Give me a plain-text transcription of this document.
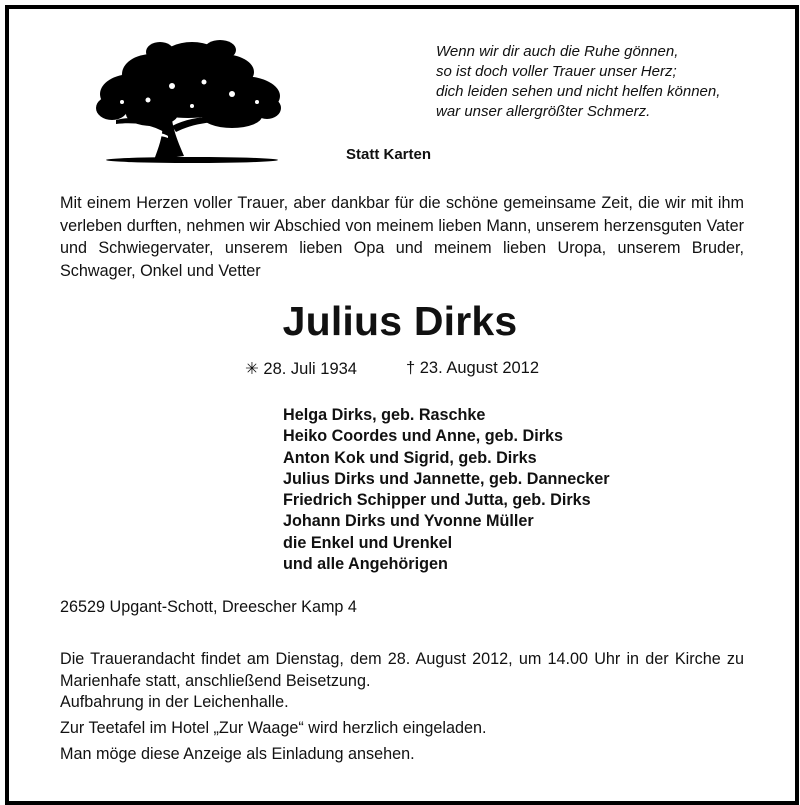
Wenn wir dir auch die Ruhe gönnen,
so ist doch voller Trauer unser Herz;
dich leiden sehen und nicht helfen können,
war unser allergrößter Schmerz.
Statt Karten
Mit einem Herzen voller Trauer, aber dankbar für die schöne gemeinsame Zeit, die wir mit ihm verleben durften, nehmen wir Abschied von meinem lieben Mann, unserem herzensguten Vater und Schwiegervater, unserem lieben Opa und meinem lieben Uropa, unserem Bruder, Schwager, Onkel und Vetter
Julius Dirks
✳ 28. Juli 1934	† 23. August 2012
Helga Dirks, geb. Raschke
Heiko Coordes und Anne, geb. Dirks
Anton Kok und Sigrid, geb. Dirks
Julius Dirks und Jannette, geb. Dannecker
Friedrich Schipper und Jutta, geb. Dirks
Johann Dirks und Yvonne Müller
die Enkel und Urenkel
und alle Angehörigen
26529 Upgant-Schott, Dreescher Kamp 4
Die Trauerandacht findet am Dienstag, dem 28. August 2012, um 14.00 Uhr in der Kirche zu Marienhafe statt, anschließend Beisetzung.
Aufbahrung in der Leichenhalle.
Zur Teetafel im Hotel „Zur Waage“ wird herzlich eingeladen.
Man möge diese Anzeige als Einladung ansehen.
